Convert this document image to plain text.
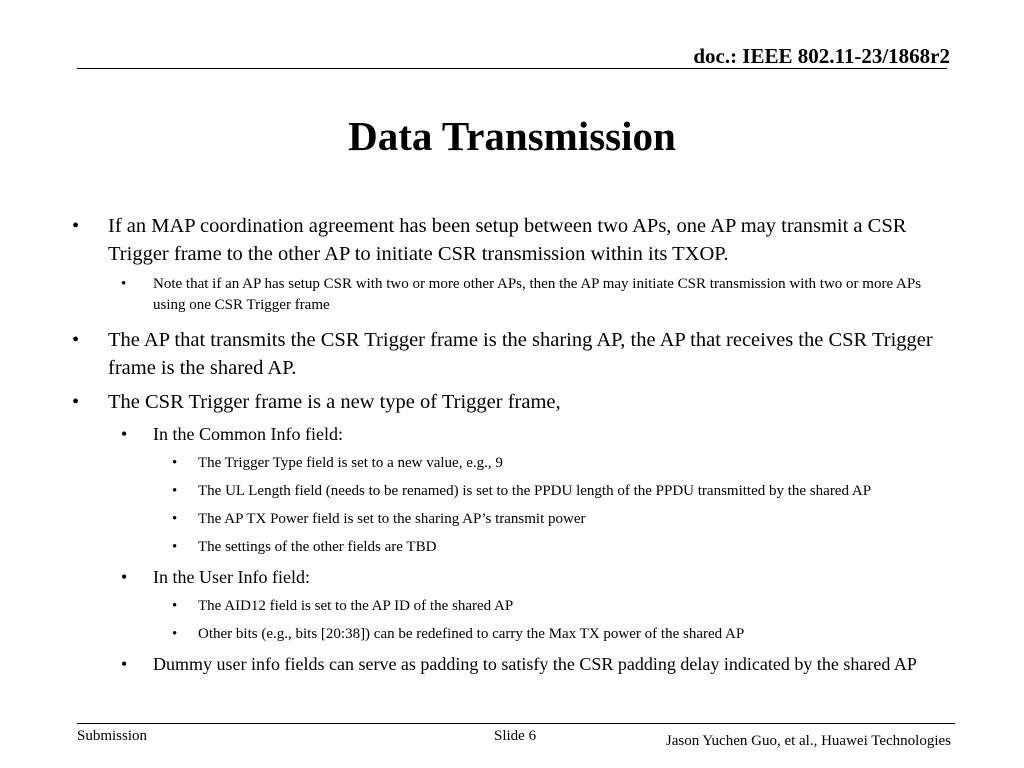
doc.: IEEE 802.11-23/1868r2
Data Transmission
• If an MAP coordination agreement has been setup between two APs, one AP may transmit a CSR Trigger frame to the other AP to initiate CSR transmission within its TXOP.
• Note that if an AP has setup CSR with two or more other APs, then the AP may initiate CSR transmission with two or more APs using one CSR Trigger frame
• The AP that transmits the CSR Trigger frame is the sharing AP, the AP that receives the CSR Trigger frame is the shared AP.
• The CSR Trigger frame is a new type of Trigger frame,
• In the Common Info field:
• The Trigger Type field is set to a new value, e.g., 9
• The UL Length field (needs to be renamed) is set to the PPDU length of the PPDU transmitted by the shared AP
• The AP TX Power field is set to the sharing AP’s transmit power
• The settings of the other fields are TBD
• In the User Info field:
• The AID12 field is set to the AP ID of the shared AP
• Other bits (e.g., bits [20:38]) can be redefined to carry the Max TX power of the shared AP
• Dummy user info fields can serve as padding to satisfy the CSR padding delay indicated by the shared AP
Submission	Slide 6	Jason Yuchen Guo, et al., Huawei Technologies
